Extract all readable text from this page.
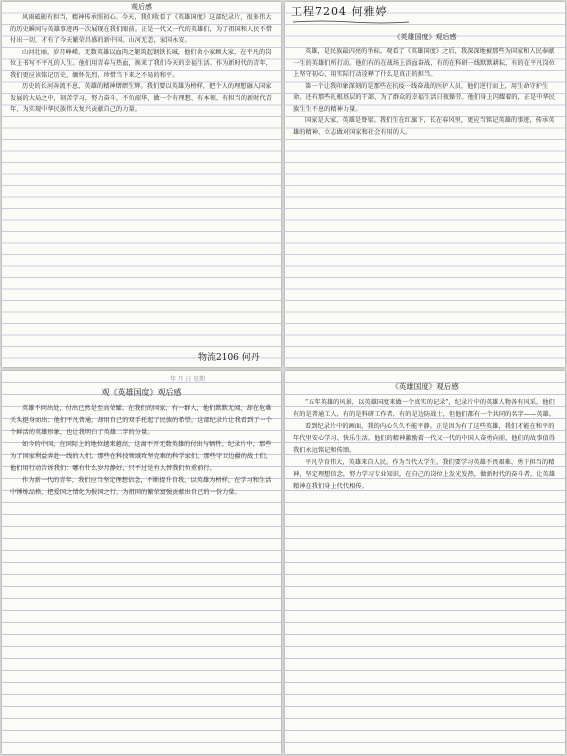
观后感

风雨砥砺有担当，精神传承照初心。今天，我们收看了《英雄国度》这部纪录片，很多伟大的历史瞬间与英雄事迹再一次展现在我们眼前。正是一代又一代的英雄们，为了祖国和人民不惜付出一切，才有了今天繁荣昌盛的新中国。山河无恙，家国永安。

山河壮丽，岁月峥嵘。无数英雄以血肉之躯筑起钢铁长城，他们舍小家顾大家，在平凡的岗位上书写不平凡的人生。他们用青春与热血，换来了我们今天的幸福生活。作为新时代的青年，我们更应该铭记历史，缅怀先烈，珍惜当下来之不易的和平。

历史的长河奔流不息，英雄的精神熠熠生辉。我们要以英雄为榜样，把个人的理想融入国家发展的大局之中，刻苦学习，努力奋斗，不负韶华，做一个有理想、有本领、有担当的新时代青年，为实现中华民族伟大复兴贡献自己的力量。

物流2106 何丹
工程7204 何雅婷
《英雄国度》观后感

英雄，是民族最闪亮的坐标。观看了《英雄国度》之后，我深深地被那些为国家和人民奉献一生的英雄们所打动。他们有的在战场上浴血奋战，有的在科研一线默默耕耘，有的在平凡岗位上坚守初心，用实际行动诠释了什么是真正的担当。

第一个让我印象深刻的是那些在抗疫一线奋战的医护人员，他们逆行而上，用生命守护生命。还有那些扎根基层的干部，为了群众的幸福生活日夜操劳。他们身上闪耀着的，正是中华民族生生不息的精神力量。

国家是大家，英雄是脊梁。我们生在红旗下，长在春风里，更应当铭记英雄的事迹，传承英雄的精神，立志做对国家和社会有用的人。

年 月 日 星期
观《英雄国度》观后感

英雄不问出处，付出已然是至高荣耀。在我们的国家，有一群人，他们默默无闻，却在危难关头挺身而出；他们平凡普通，却用自己的双手托起了民族的希望。这部纪录片让我看到了一个个鲜活的英雄形象，也让我明白了英雄二字的分量。

如今的中国，在国际上的地位越来越高，这离不开无数英雄的付出与牺牲。纪录片中，那些为了国家利益奔赴一线的人们，那些在科技领域攻坚克难的科学家们，那些守卫边疆的战士们，他们用行动告诉我们：哪有什么岁月静好，只不过是有人替我们负重前行。

作为新一代的青年，我们应当坚定理想信念，不断提升自我，以英雄为榜样，在学习和生活中锤炼品格，把爱国之情化为报国之行，为祖国的繁荣富强贡献出自己的一份力量。

《英雄国度》观后感

“五年英雄的风景，以英雄国度来做一个真实的记录”，纪录片中的英雄人物各有风采，他们有的是普通工人，有的是科研工作者，有的是边防战士，但他们都有一个共同的名字——英雄。

看到纪录片中的画面，我的内心久久不能平静。正是因为有了这些英雄，我们才能在和平的年代里安心学习、快乐生活。他们的精神激励着一代又一代的中国人奋勇向前，他们的故事值得我们永远铭记和传颂。

平凡孕育伟大，英雄来自人民。作为当代大学生，我们要学习英雄不畏艰难、勇于担当的精神，坚定理想信念，努力学习专业知识，在自己的岗位上发光发热，做新时代的奋斗者，让英雄精神在我们身上代代相传。
